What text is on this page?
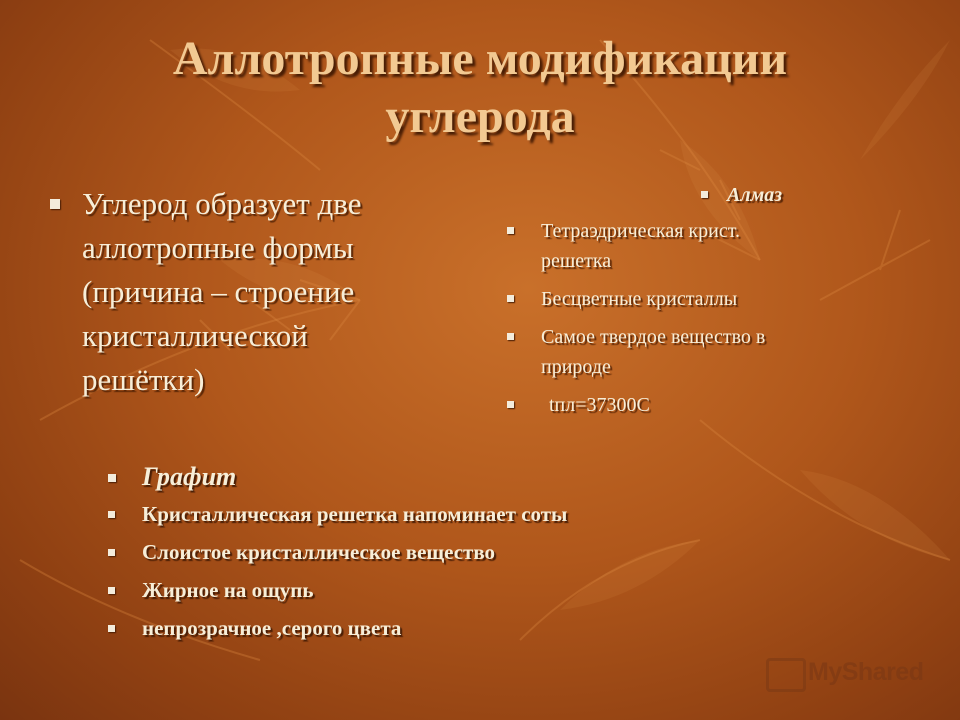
Аллотропные модификации
углерода
Углерод образует две
аллотропные формы
(причина – строение
кристаллической
решётки)
Алмаз
Тетраэдрическая крист.
решетка
Бесцветные кристаллы
Самое твердое вещество в
природе
tпл=37300С
Графит
Кристаллическая решетка напоминает соты
Слоистое кристаллическое вещество
Жирное на ощупь
непрозрачное ,серого цвета
MyShared
